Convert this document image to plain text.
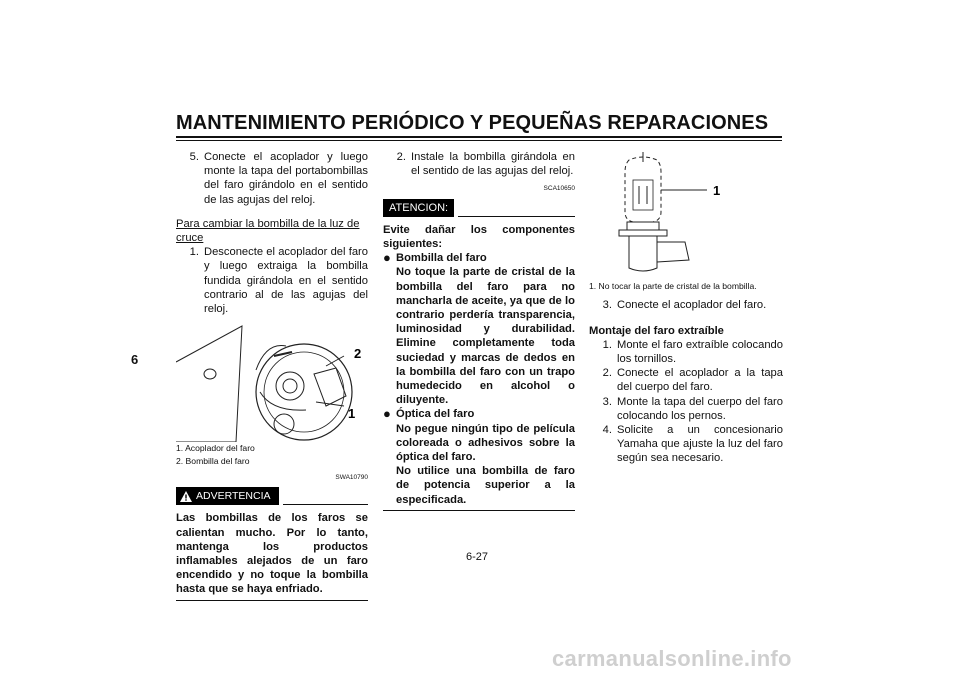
MANTENIMIENTO PERIÓDICO Y PEQUEÑAS REPARACIONES
6
5. Conecte el acoplador y luego monte la tapa del portabombillas del faro girándolo en el sentido de las agujas del reloj.
Para cambiar la bombilla de la luz de cruce
1. Desconecte el acoplador del faro y luego extraiga la bombilla fundida girándola en el sentido contrario al de las agujas del reloj.
2
1
1. Acoplador del faro
2. Bombilla del faro
SWA10790
ADVERTENCIA
Las bombillas de los faros se calientan mucho. Por lo tanto, mantenga los productos inflamables alejados de un faro encendido y no toque la bombilla hasta que se haya enfriado.
2. Instale la bombilla girándola en el sentido de las agujas del reloj.
SCA10650
ATENCION:
Evite dañar los componentes siguientes:
● Bombilla del faro
No toque la parte de cristal de la bombilla del faro para no mancharla de aceite, ya que de lo contrario perdería transparencia, luminosidad y durabilidad. Elimine completamente toda suciedad y marcas de dedos en la bombilla del faro con un trapo humedecido en alcohol o diluyente.
● Óptica del faro
No pegue ningún tipo de película coloreada o adhesivos sobre la óptica del faro.
No utilice una bombilla de faro de potencia superior a la especificada.
1
1. No tocar la parte de cristal de la bombilla.
3. Conecte el acoplador del faro.
Montaje del faro extraíble
1. Monte el faro extraíble colocando los tornillos.
2. Conecte el acoplador a la tapa del cuerpo del faro.
3. Monte la tapa del cuerpo del faro colocando los pernos.
4. Solicite a un concesionario Yamaha que ajuste la luz del faro según sea necesario.
6-27
carmanualsonline.info
